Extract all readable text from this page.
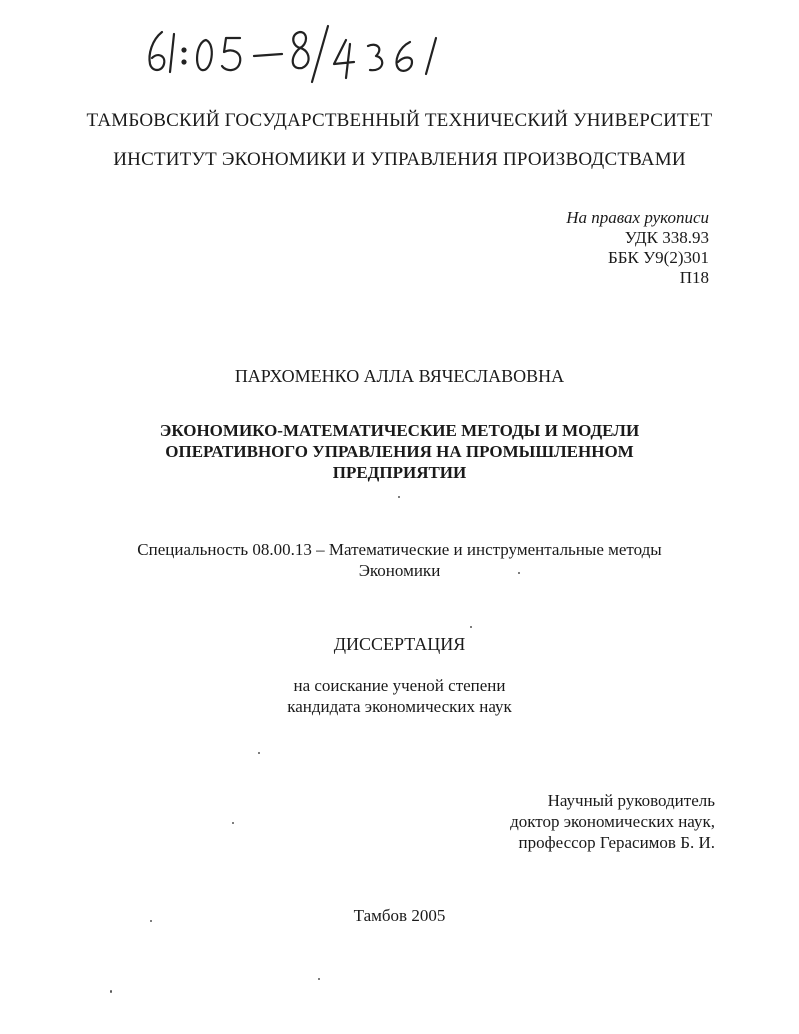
ТАМБОВСКИЙ ГОСУДАРСТВЕННЫЙ ТЕХНИЧЕСКИЙ УНИВЕРСИТЕТ
ИНСТИТУТ ЭКОНОМИКИ И УПРАВЛЕНИЯ ПРОИЗВОДСТВАМИ
На правах рукописи
УДК 338.93
ББК У9(2)301
П18
ПАРХОМЕНКО АЛЛА ВЯЧЕСЛАВОВНА
ЭКОНОМИКО-МАТЕМАТИЧЕСКИЕ МЕТОДЫ И МОДЕЛИ
ОПЕРАТИВНОГО УПРАВЛЕНИЯ НА ПРОМЫШЛЕННОМ
ПРЕДПРИЯТИИ
Специальность 08.00.13 – Математические и инструментальные методы
Экономики
ДИССЕРТАЦИЯ
на соискание ученой степени
кандидата экономических наук
Научный руководитель
доктор экономических наук,
профессор Герасимов Б. И.
Тамбов 2005
